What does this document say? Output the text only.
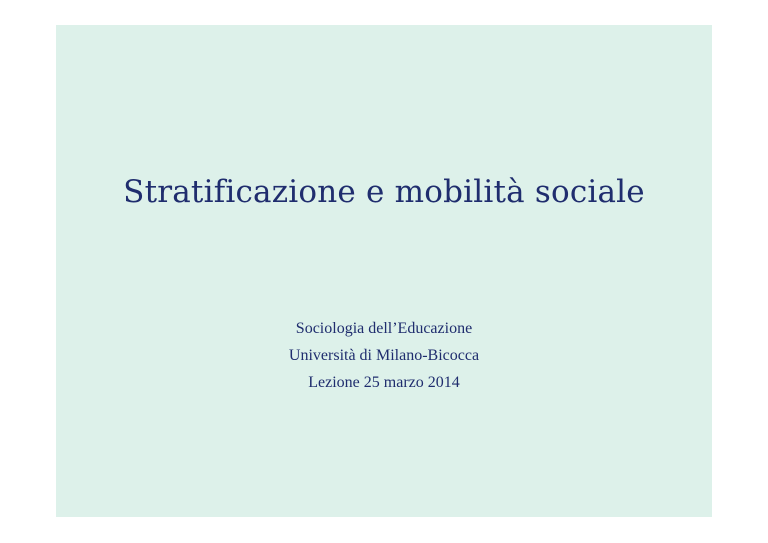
Stratificazione e mobilità sociale
Sociologia dell’Educazione
Università di Milano-Bicocca
Lezione 25 marzo 2014
